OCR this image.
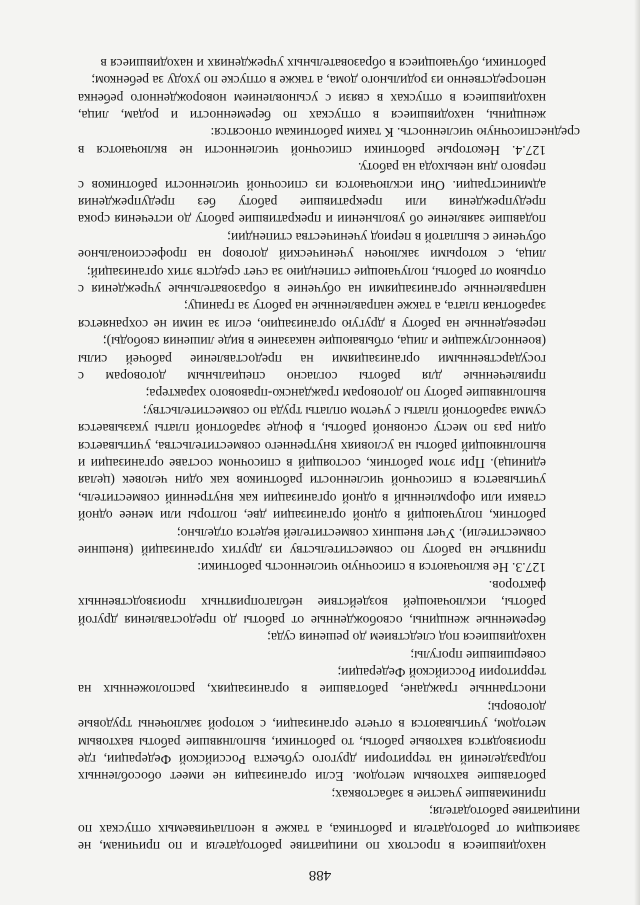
488

находившиеся в простоях по инициативе работодателя и по причинам, не зависящим от работодателя и работника, а также в неоплачиваемых отпусках по инициативе работодателя;

принимавшие участие в забастовках;

работавшие вахтовым методом. Если организация не имеет обособленных подразделений на территории другого субъекта Российской Федерации, где производятся вахтовые работы, то работники, выполнявшие работы вахтовым методом, учитываются в отчете организации, с которой заключены трудовые договоры;

иностранные граждане, работавшие в организациях, расположенных на территории Российской Федерации;

совершившие прогулы;

находившиеся под следствием до решения суда;

беременные женщины, освобожденные от работы до предоставления другой работы, исключающей воздействие неблагоприятных производственных факторов.

127.3. Не включаются в списочную численность работники:

принятые на работу по совместительству из других организаций (внешние совместители). Учет внешних совместителей ведется отдельно;

работник, получающий в одной организации две, полторы или менее одной ставки или оформленный в одной организации как внутренний совместитель, учитывается в списочной численности работников как один человек (целая единица). При этом работник, состоящий в списочном составе организации и выполняющий работы на условиях внутреннего совместительства, учитывается один раз по месту основной работы, в фонде заработной платы указывается сумма заработной платы с учетом оплаты труда по совместительству;

выполнявшие работу по договорам гражданско-правового характера;

привлеченные для работы согласно специальным договорам с государственными организациями на предоставление рабочей силы (военнослужащие и лица, отбывающие наказание в виде лишения свободы);

переведенные на работу в другую организацию, если за ними не сохраняется заработная плата, а также направленные на работу за границу;

направленные организациями на обучение в образовательные учреждения с отрывом от работы, получающие стипендию за счет средств этих организаций;

лица, с которыми заключен ученический договор на профессиональное обучение с выплатой в период ученичества стипендии;

подавшие заявление об увольнении и прекратившие работу до истечения срока предупреждения или прекратившие работу без предупреждения администрации. Они исключаются из списочной численности работников с первого дня невыхода на работу.

127.4. Некоторые работники списочной численности не включаются в среднесписочную численность. К таким работникам относятся:

женщины, находившиеся в отпусках по беременности и родам, лица, находившиеся в отпусках в связи с усыновлением новорожденного ребенка непосредственно из родильного дома, а также в отпуске по уходу за ребенком;

работники, обучающиеся в образовательных учреждениях и находившиеся в
